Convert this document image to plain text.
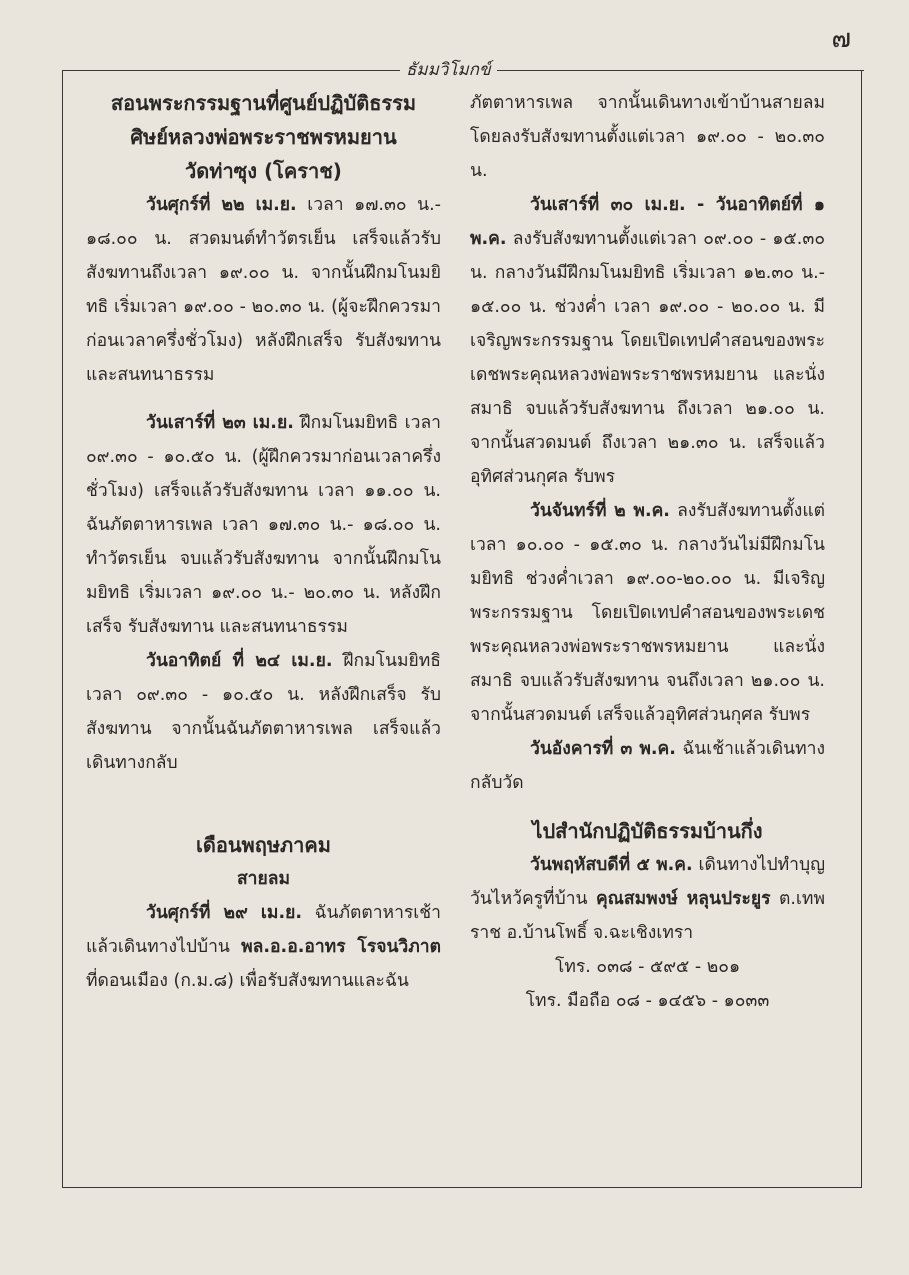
๗
ธัมมวิโมกข์

สอนพระกรรมฐานที่ศูนย์ปฏิบัติธรรม

ศิษย์หลวงพ่อพระราชพรหมยาน

วัดท่าซุง (โคราช)

วันศุกร์ที่ ๒๒ เม.ย. เวลา ๑๗.๓๐ น.- ๑๘.๐๐ น. สวดมนต์ทำวัตรเย็น เสร็จแล้วรับสังฆทานถึงเวลา ๑๙.๐๐ น. จากนั้นฝึกมโนมยิทธิ เริ่มเวลา ๑๙.๐๐ - ๒๐.๓๐ น. (ผู้จะฝึกควรมาก่อนเวลาครึ่งชั่วโมง) หลังฝึกเสร็จ รับสังฆทานและสนทนาธรรม

วันเสาร์ที่ ๒๓ เม.ย. ฝึกมโนมยิทธิ เวลา ๐๙.๓๐ - ๑๐.๕๐ น. (ผู้ฝึกควรมาก่อนเวลาครึ่งชั่วโมง) เสร็จแล้วรับสังฆทาน เวลา ๑๑.๐๐ น. ฉันภัตตาหารเพล เวลา ๑๗.๓๐ น.- ๑๘.๐๐ น. ทำวัตรเย็น จบแล้วรับสังฆทาน จากนั้นฝึกมโนมยิทธิ เริ่มเวลา ๑๙.๐๐ น.- ๒๐.๓๐ น. หลังฝึกเสร็จ รับสังฆทาน และสนทนาธรรม

วันอาทิตย์ ที่ ๒๔ เม.ย. ฝึกมโนมยิทธิ เวลา ๐๙.๓๐ - ๑๐.๕๐ น. หลังฝึกเสร็จ รับสังฆทาน จากนั้นฉันภัตตาหารเพล เสร็จแล้วเดินทางกลับ

เดือนพฤษภาคม

สายลม

วันศุกร์ที่ ๒๙ เม.ย. ฉันภัตตาหารเช้า แล้วเดินทางไปบ้าน พล.อ.อ.อาทร โรจนวิภาต ที่ดอนเมือง (ก.ม.๘) เพื่อรับสังฆทานและฉัน

ภัตตาหารเพล จากนั้นเดินทางเข้าบ้านสายลม โดยลงรับสังฆทานตั้งแต่เวลา ๑๙.๐๐ - ๒๐.๓๐ น.

วันเสาร์ที่ ๓๐ เม.ย. - วันอาทิตย์ที่ ๑ พ.ค. ลงรับสังฆทานตั้งแต่เวลา ๐๙.๐๐ - ๑๕.๓๐ น. กลางวันมีฝึกมโนมยิทธิ เริ่มเวลา ๑๒.๓๐ น.- ๑๕.๐๐ น. ช่วงค่ำ เวลา ๑๙.๐๐ - ๒๐.๐๐ น. มีเจริญพระกรรมฐาน โดยเปิดเทปคำสอนของพระเดชพระคุณหลวงพ่อพระราชพรหมยาน และนั่งสมาธิ จบแล้วรับสังฆทาน ถึงเวลา ๒๑.๐๐ น. จากนั้นสวดมนต์ ถึงเวลา ๒๑.๓๐ น. เสร็จแล้วอุทิศส่วนกุศล รับพร

วันจันทร์ที่ ๒ พ.ค. ลงรับสังฆทานตั้งแต่เวลา ๑๐.๐๐ - ๑๕.๓๐ น. กลางวันไม่มีฝึกมโนมยิทธิ ช่วงค่ำเวลา ๑๙.๐๐-๒๐.๐๐ น. มีเจริญพระกรรมฐาน โดยเปิดเทปคำสอนของพระเดชพระคุณหลวงพ่อพระราชพรหมยาน และนั่งสมาธิ จบแล้วรับสังฆทาน จนถึงเวลา ๒๑.๐๐ น. จากนั้นสวดมนต์ เสร็จแล้วอุทิศส่วนกุศล รับพร

วันอังคารที่ ๓ พ.ค. ฉันเช้าแล้วเดินทางกลับวัด

ไปสำนักปฏิบัติธรรมบ้านกึ่ง

วันพฤหัสบดีที่ ๕ พ.ค. เดินทางไปทำบุญวันไหว้ครูที่บ้าน คุณสมพงษ์ หลุนประยูร ต.เทพราช อ.บ้านโพธิ์ จ.ฉะเชิงเทรา

โทร. ๐๓๘ - ๕๙๕ - ๒๐๑

โทร. มือถือ ๐๘ - ๑๔๕๖ - ๑๐๓๓
